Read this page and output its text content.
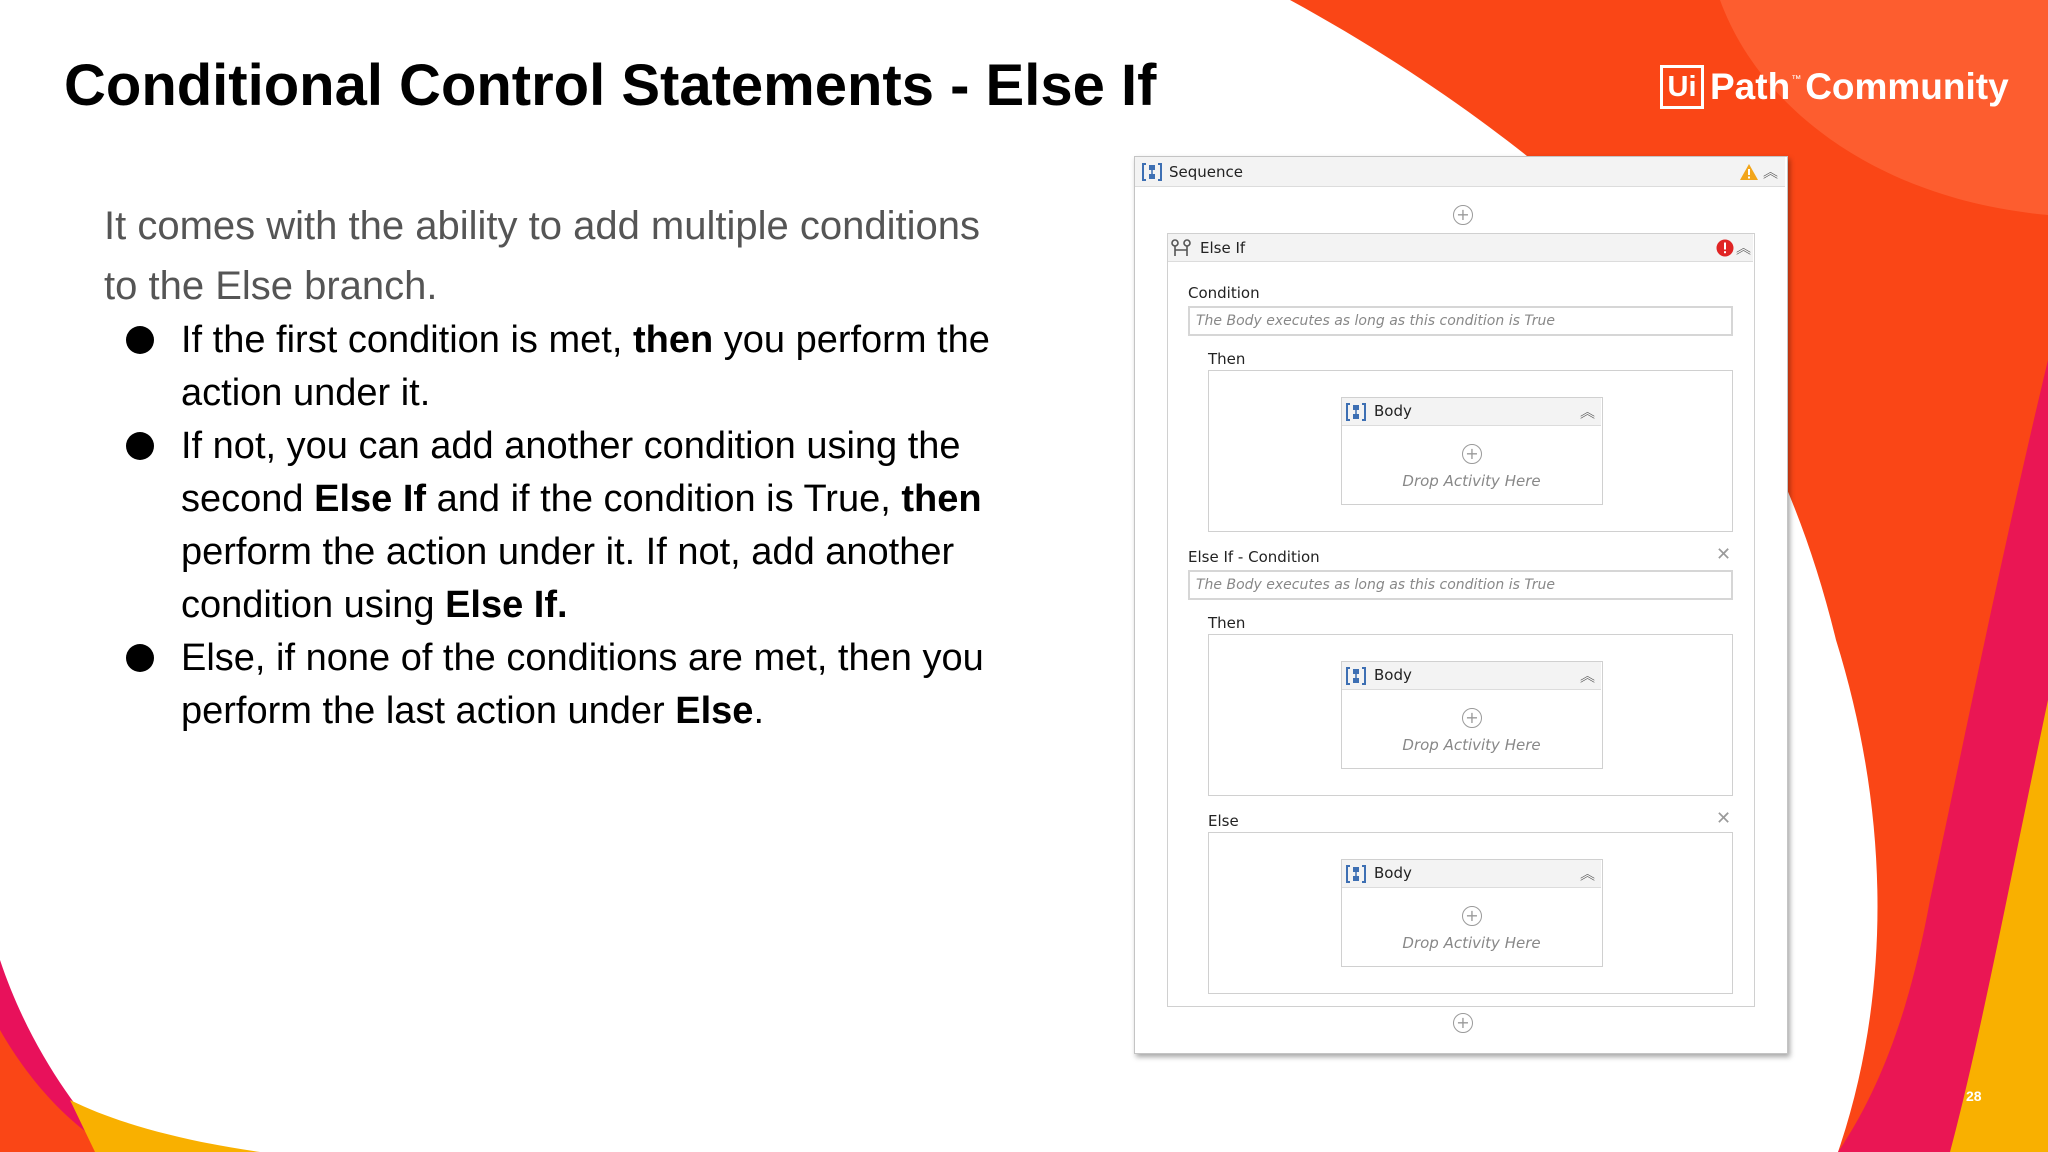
Conditional Control Statements - Else If	Ui Path ™ Community

It comes with the ability to add multiple conditions to the Else branch.

If the first condition is met, then you perform the action under it.
If not, you can add another condition using the second Else If and if the condition is True, then perform the action under it. If not, add another condition using Else If.
Else, if none of the conditions are met, then you perform the last action under Else.
28
Sequence	︽
+
Else If	︽
Condition
The Body executes as long as this condition is True
Then
Body	︽
+
Drop Activity Here
Else If - Condition	✕
The Body executes as long as this condition is True
Then
Body	︽
+
Drop Activity Here
Else	✕
Body	︽
+
Drop Activity Here
+
